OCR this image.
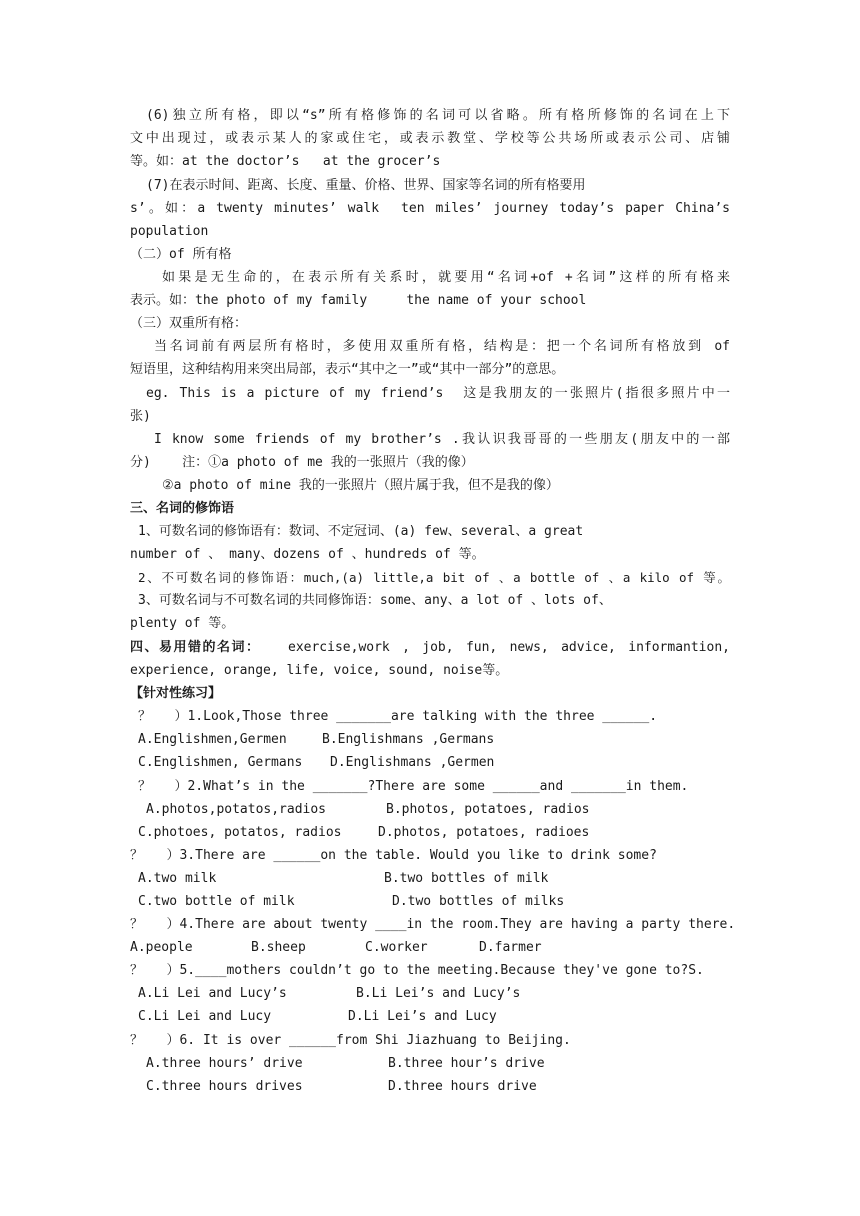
(6)独立所有格，即以“s”所有格修饰的名词可以省略。所有格所修饰的名词在上下
文中出现过，或表示某人的家或住宅，或表示教堂、学校等公共场所或表示公司、店铺
等。如：at the doctor’s   at the grocer’s
(7)在表示时间、距离、长度、重量、价格、世界、国家等名词的所有格要用
s’。如：a twenty minutes’ walk  ten miles’ journey today’s paper China’s
population
（二）of 所有格
如果是无生命的，在表示所有关系时，就要用“名词+of +名词”这样的所有格来
表示。如：the photo of my family     the name of your school
（三）双重所有格：
当名词前有两层所有格时，多使用双重所有格，结构是：把一个名词所有格放到 of
短语里，这种结构用来突出局部，表示“其中之一”或“其中一部分”的意思。
eg. This is a picture of my friend’s  这是我朋友的一张照片(指很多照片中一
张)
I know some friends of my brother’s .我认识我哥哥的一些朋友(朋友中的一部
分)    注：①a photo of me 我的一张照片（我的像）
②a photo of mine 我的一张照片（照片属于我，但不是我的像）
三、名词的修饰语
1、可数名词的修饰语有：数词、不定冠词、(a) few、several、a great
number of 、 many、dozens of 、hundreds of 等。
2、不可数名词的修饰语：much,(a) little,a bit of 、a bottle of 、a kilo of 等。
3、可数名词与不可数名词的共同修饰语：some、any、a lot of 、lots of、
plenty of 等。
四、易用错的名词： exercise,work , job, fun, news, advice, informantion,
experience, orange, life, voice, sound, noise等。
【针对性练习】
？   ）1.Look,Those three _______are talking with the three ______.
A.Englishmen,Germen	B.Englishmans ,Germans
C.Englishmen, Germans D.Englishmans ,Germen
？   ）2.What’s in the _______?There are some ______and _______in them.
A.photos,potatos,radios	B.photos, potatoes, radios
C.photoes, potatos, radios	D.photos, potatoes, radioes
？   ）3.There are ______on the table. Would you like to drink some?
A.two milk	B.two bottles of milk
C.two bottle of milk	D.two bottles of milks
？   ）4.There are about twenty ____in the room.They are having a party there.
A.people	B.sheep	C.worker	D.farmer
？   ）5.____mothers couldn’t go to the meeting.Because they've gone to?S.
A.Li Lei and Lucy’s	B.Li Lei’s and Lucy’s
C.Li Lei and Lucy	D.Li Lei’s and Lucy
？   ）6. It is over ______from Shi Jiazhuang to Beijing.
A.three hours’ drive	B.three hour’s drive
C.three hours drives	D.three hours drive
